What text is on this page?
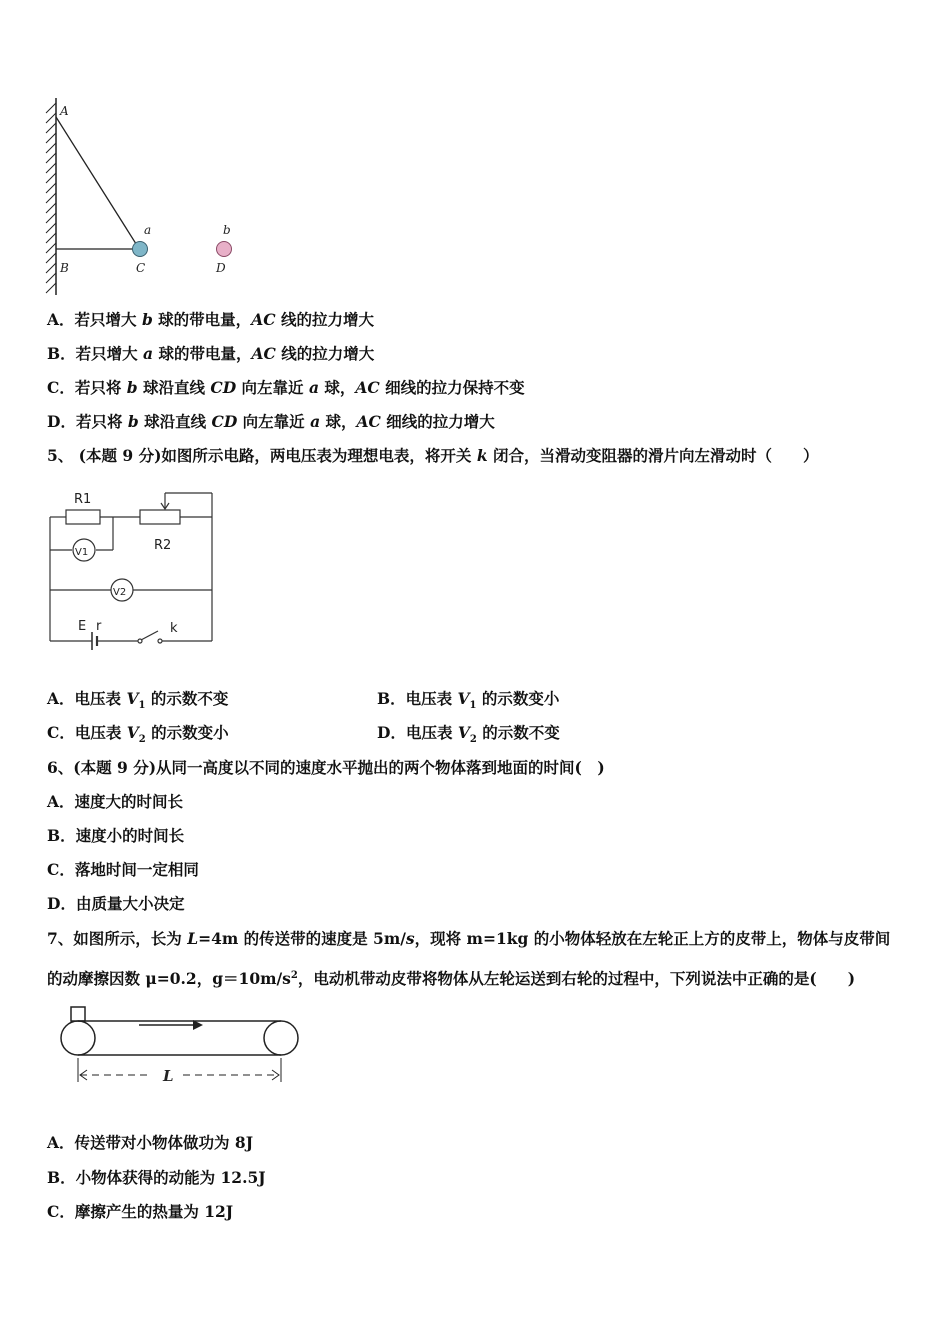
A
B	C	D
a	b
A．若只增大 b 球的带电量，AC 线的拉力增大
B．若只增大 a 球的带电量，AC 线的拉力增大
C．若只将 b 球沿直线 CD 向左靠近 a 球，AC 细线的拉力保持不变
D．若只将 b 球沿直线 CD 向左靠近 a 球，AC 细线的拉力增大
5、 (本题 9 分)如图所示电路，两电压表为理想电表，将开关 k 闭合，当滑动变阻器的滑片向左滑动时（　　）
R1
R2
V1
V2
E r	k
A．电压表 $V_1$ 的示数不变	B．电压表 $V_1$ 的示数变小
C．电压表 $V_2$ 的示数变小	D．电压表 $V_2$ 的示数不变
6、(本题 9 分)从同一高度以不同的速度水平抛出的两个物体落到地面的时间(　)
A．速度大的时间长
B．速度小的时间长
C．落地时间一定相同
D．由质量大小决定
7、如图所示，长为 L=4m 的传送带的速度是 5m/s，现将 m=1kg 的小物体轻放在左轮正上方的皮带上，物体与皮带间
的动摩擦因数 μ=0.2，$g=10m/s^2$，电动机带动皮带将物体从左轮运送到右轮的过程中，下列说法中正确的是(　　)
L
A．传送带对小物体做功为 8J
B．小物体获得的动能为 12.5J
C．摩擦产生的热量为 12J
